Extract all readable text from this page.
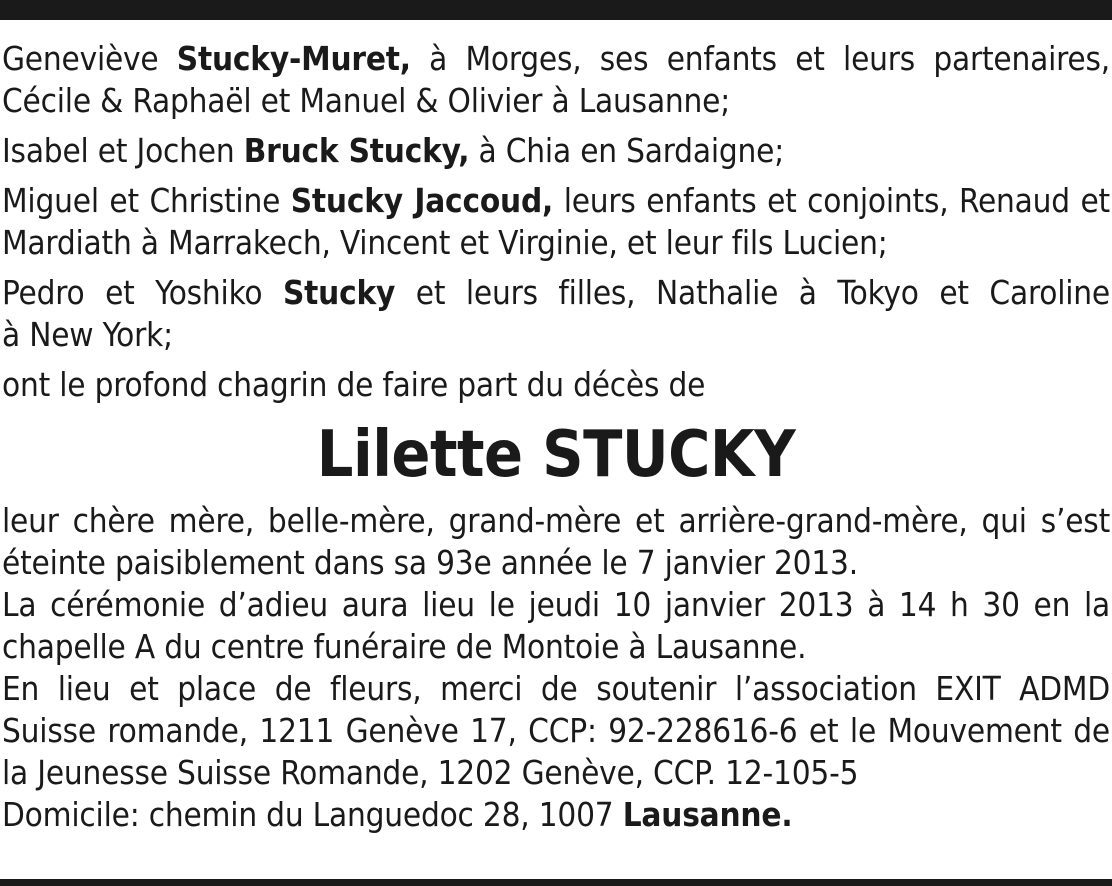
Geneviève Stucky-Muret, à Morges, ses enfants et leurs partenaires,
Cécile & Raphaël et Manuel & Olivier à Lausanne;
Isabel et Jochen Bruck Stucky, à Chia en Sardaigne;
Miguel et Christine Stucky Jaccoud, leurs enfants et conjoints, Renaud et
Mardiath à Marrakech, Vincent et Virginie, et leur fils Lucien;
Pedro et Yoshiko Stucky et leurs filles, Nathalie à Tokyo et Caroline
à New York;
ont le profond chagrin de faire part du décès de
Lilette STUCKY
leur chère mère, belle-mère, grand-mère et arrière-grand-mère, qui s’est
éteinte paisiblement dans sa 93e année le 7 janvier 2013.
La cérémonie d’adieu aura lieu le jeudi 10 janvier 2013 à 14 h 30 en la
chapelle A du centre funéraire de Montoie à Lausanne.
En lieu et place de fleurs, merci de soutenir l’association EXIT ADMD
Suisse romande, 1211 Genève 17, CCP: 92-228616-6 et le Mouvement de
la Jeunesse Suisse Romande, 1202 Genève, CCP. 12-105-5
Domicile: chemin du Languedoc 28, 1007 Lausanne.
